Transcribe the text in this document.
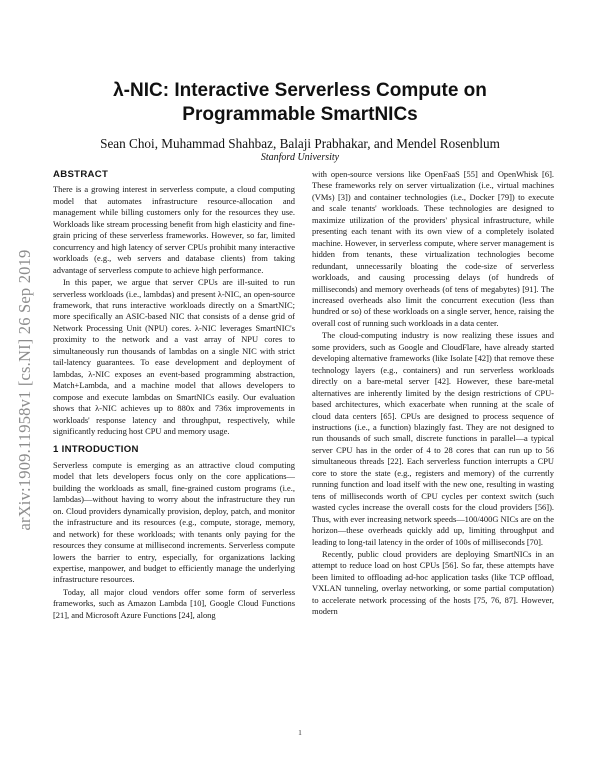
arXiv:1909.11958v1 [cs.NI] 26 Sep 2019
λ-NIC: Interactive Serverless Compute on
Programmable SmartNICs
Sean Choi, Muhammad Shahbaz, Balaji Prabhakar, and Mendel Rosenblum
Stanford University
ABSTRACT

There is a growing interest in serverless compute, a cloud computing model that automates infrastructure resource-allocation and management while billing customers only for the resources they use. Workloads like stream processing benefit from high elasticity and fine-grain pricing of these serverless frameworks. However, so far, limited concurrency and high latency of server CPUs prohibit many interactive workloads (e.g., web servers and database clients) from taking advantage of serverless compute to achieve high performance.

In this paper, we argue that server CPUs are ill-suited to run serverless workloads (i.e., lambdas) and present λ-NIC, an open-source framework, that runs interactive workloads directly on a SmartNIC; more specifically an ASIC-based NIC that consists of a dense grid of Network Processing Unit (NPU) cores. λ-NIC leverages SmartNIC's proximity to the network and a vast array of NPU cores to simultaneously run thousands of lambdas on a single NIC with strict tail-latency guarantees. To ease development and deployment of lambdas, λ-NIC exposes an event-based programming abstraction, Match+Lambda, and a machine model that allows developers to compose and execute lambdas on SmartNICs easily. Our evaluation shows that λ-NIC achieves up to 880x and 736x improvements in workloads' response latency and throughput, respectively, while significantly reducing host CPU and memory usage.

1 INTRODUCTION

Serverless compute is emerging as an attractive cloud computing model that lets developers focus only on the core applications—building the workloads as small, fine-grained custom programs (i.e., lambdas)—without having to worry about the infrastructure they run on. Cloud providers dynamically provision, deploy, patch, and monitor the infrastructure and its resources (e.g., compute, storage, memory, and network) for these workloads; with tenants only paying for the resources they consume at millisecond increments. Serverless compute lowers the barrier to entry, especially, for organizations lacking expertise, manpower, and budget to efficiently manage the underlying infrastructure resources.

Today, all major cloud vendors offer some form of serverless frameworks, such as Amazon Lambda [10], Google Cloud Functions [21], and Microsoft Azure Functions [24], along

with open-source versions like OpenFaaS [55] and OpenWhisk [6]. These frameworks rely on server virtualization (i.e., virtual machines (VMs) [3]) and container technologies (i.e., Docker [79]) to execute and scale tenants' workloads. These technologies are designed to maximize utilization of the providers' physical infrastructure, while presenting each tenant with its own view of a completely isolated machine. However, in serverless compute, where server management is hidden from tenants, these virtualization technologies become redundant, unnecessarily bloating the code-size of serverless workloads, and causing processing delays (of hundreds of milliseconds) and memory overheads (of tens of megabytes) [91]. The increased overheads also limit the concurrent execution (less than hundred or so) of these workloads on a single server, hence, raising the overall cost of running such workloads in a data center.

The cloud-computing industry is now realizing these issues and some providers, such as Google and CloudFlare, have already started developing alternative frameworks (like Isolate [42]) that remove these technology layers (e.g., containers) and run serverless workloads directly on a bare-metal server [42]. However, these bare-metal alternatives are inherently limited by the design restrictions of CPU-based architectures, which exacerbate when running at the scale of cloud data centers [65]. CPUs are designed to process sequence of instructions (i.e., a function) blazingly fast. They are not designed to run thousands of such small, discrete functions in parallel—a typical server CPU has in the order of 4 to 28 cores that can run up to 56 simultaneous threads [22]. Each serverless function interrupts a CPU core to store the state (e.g., registers and memory) of the currently running function and load itself with the new one, resulting in wasting tens of milliseconds worth of CPU cycles per context switch (such wasted cycles increase the overall costs for the cloud providers [56]). Thus, with ever increasing network speeds—100/400G NICs are on the horizon—these overheads quickly add up, limiting throughput and leading to long-tail latency in the order of 100s of milliseconds [70].

Recently, public cloud providers are deploying SmartNICs in an attempt to reduce load on host CPUs [56]. So far, these attempts have been limited to offloading ad-hoc application tasks (like TCP offload, VXLAN tunneling, overlay networking, or some partial computation) to accelerate network processing of the hosts [75, 76, 87]. However, modern

1
